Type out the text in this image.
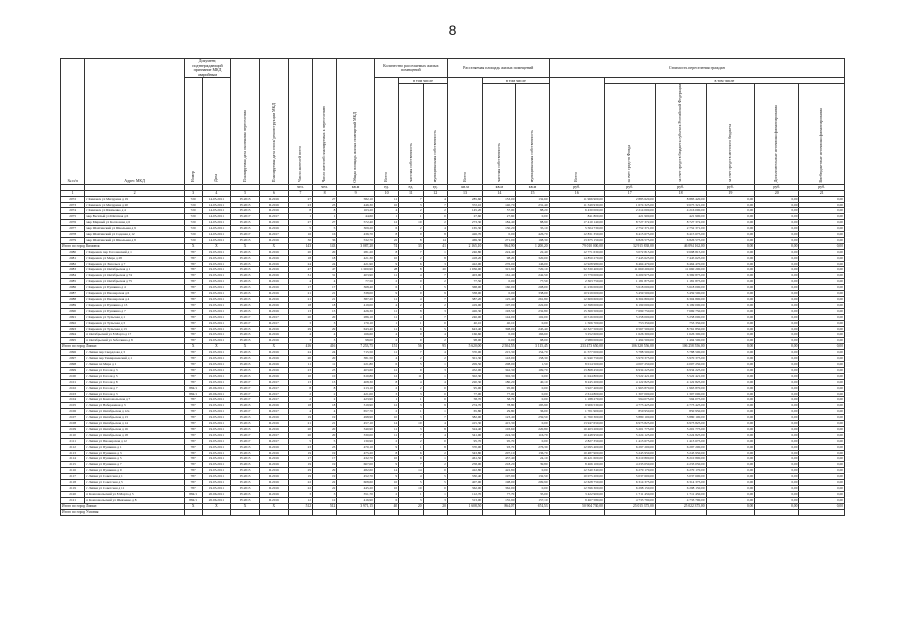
8
№ п/п	Адрес МКД	Документ, подтверждающий признание МКД аварийным		Планируемая дата окончания переселения	Планируемая дата сноса/ реконструкции МКД	Число жителей всего	Число жителей планируемых к переселению	Общая площадь жилых помещений МКД	Количество расселяемых жилых помещений			Расселяемая площадь жилых помещений			Стоимость переселения граждан					
		Номер	Дата						Всего	в том числе		Всего	в том числе		Всего	в том числе				
										частная собственность	муниципальная собственность		частная собственность	муниципальная собственность		за счет средств Фонда	за счет средств бюджета субъекта Российской Федерации	за счет средств местного бюджета	Дополнительные источники финансирования	Внебюджетные источники финансирования
						чел.	чел.	кв.м	ед.	ед.	ед.	кв.м	кв.м	кв.м	руб.	руб.	руб.	руб.	руб.	руб.
1	2	3	4	5	6	7	8	9	10	11	12	13	14	15	16	17	18	19	20	21
2072	г Кимовск ул Мичурина д 19	720	14.05.2011	IV.2015	II.2016	27	27	582,10	11	7	4	285,60	153,00	132,60	11 966 900,00	2 883 620,00	8 883 420,00	0,00	0,00	0,00
2073	г Кимовск ул Мичурина д 20	720	14.05.2011	IV.2015	II.2016	23	23	446,30	10	3	7	372,10	140,70	231,40	11 349 930,00	1 674 325,00	9 675 321,00	0,00	0,00	0,00
2074	г Кимовск ул Шевченко д 4	720	14.05.2011	IV.2015	II.2016	8	8	163,20	4	2	2	145,20	57,00	88,20	6 430 000,00	2 214 000,00	4 216 000,00	0,00	0,00	0,00
2075	мкр Весёлый ул Шахтная д 6	720	14.05.2011	IV.2017	II.2017	1	1	44,60	1	1	0	27,60	27,60	0,00	841 800,00	421 900,00	421 900,00	0,00	0,00	0,00
2076	мкр Мирный ул Колхозная д 6	720	14.05.2011	IV.2015	II.2016	27	27	572,40	12	10	2	273,30	184,40	88,90	17 410 140,00	8 727 372,00	8 727 372,00	0,00	0,00	0,00
2077	мкр Шахтинский ул Школьная д 9	720	14.05.2011	IV.2015	II.2016	5	5	309,20	6	2	4	165,30	130,20	35,10	5 504 730,00	2 752 371,00	2 752 371,00	0,00	0,00	0,00
2078	мкр Шахтинский ул Садовая д 12	720	14.05.2011	IV.2017	II.2017	16	16	436,70	8	0	8	426,70	0,00	426,70	12 831 350,00	6 415 675,00	6 415 675,00	0,00	0,00	0,00
2079	мкр Шахтинский ул Школьная д 8	720	14.05.2011	IV.2015	II.2016	36	36	532,70	22	8	14	469,30	271,00	198,30	13 675 150,00	6 826 575,00	6 826 575,00	0,00	0,00	0,00
Итого по город Кимовск:		X	X	X	X	143	143	3 087,20	74	33	41	2 165,10	964,90	1 200,20	79 010 000,00	32 915 838,00	46 094 162,00	0,00	0,00	0,00
2080	г Киреевск пер Гоголевский д 1	787	19.05.2011	IV.2015	II.2016	20	20	281,20	8	7	1	246,80	224,40	22,40	12 771 630,00	3 072 815,00	9 698 815,00	0,00	0,00	0,00
2081	г Киреевск ул Мира д 28	787	19.05.2011	IV.2015	II.2016	18	18	421,30	10	2	8	418,20	98,20	320,00	14 850 270,00	7 445 625,00	7 445 625,00	0,00	0,00	0,00
2082	г Киреевск ул Энгельса д 7	787	19.05.2011	IV.2015	II.2016	24	24	421,90	9	6	3	422,00	276,00	146,00	12 928 980,00	6 464 470,00	6 464 470,00	0,00	0,00	0,00
2083	г Киреевск ул Октябрьская д 1	787	19.05.2011	IV.2015	II.2016	47	47	1 000,90	28	8	20	1 036,00	315,90	720,10	32 330 400,00	11 660 200,00	11 660 200,00	0,00	0,00	0,00
2084	г Киреевск ул Октябрьская д 74	787	19.05.2011	IV.2015	II.2016	31	31	403,90	11	4	7	403,90	161,40	242,50	13 779 000,00	6 209 975,00	6 369 875,00	0,00	0,00	0,00
2085	г Киреевск ул Октябрьская д 75	787	19.05.2011	IV.2015	II.2016	4	4	77,50	2	0	2	77,50	0,00	77,50	2 363 750,00	1 181 875,00	1 181 875,00	0,00	0,00	0,00
2086	г Киреевск ул Пушкина д 4	787	19.05.2011	IV.2015	II.2016	17	17	368,40	6	1	5	368,00	160,00	208,00	11 236 000,00	5 618 000,00	5 618 000,00	0,00	0,00	0,00
2087	г Киреевск ул Пионерская д 6	787	19.05.2011	IV.2015	II.2016	21	21	338,00	9	0	9	338,00	0,00	338,00	10 919 000,00	5 459 500,00	5 459 500,00	0,00	0,00	0,00
2088	г Киреевск ул Пионерская д 4	787	19.05.2011	IV.2015	II.2016	21	21	387,20	11	4	7	387,20	125,40	261,80	12 609 600,00	6 304 800,00	6 304 800,00	0,00	0,00	0,00
2089	г Киреевск ул Пушкина д 13	787	19.05.2011	IV.2015	II.2016	18	18	419,00	4	2	2	419,00	197,00	222,00	12 398 000,00	6 199 000,00	6 199 000,00	0,00	0,00	0,00
2090	г Киреевск ул Пушкина д 7	787	19.05.2011	IV.2015	II.2016	13	13	426,30	11	8	3	426,30	193,50	232,80	15 369 500,00	7 699 750,00	7 669 750,00	0,00	0,00	0,00
2091	г Киреевск ул Тульская д 1	787	19.05.2011	IV.2017	II.2017	20	20	286,10	11	4	7	246,00	144,00	102,00	10 516 000,00	5 258 000,00	5 258 000,00	0,00	0,00	0,00
2092	г Киреевск ул Тульская д 3	787	19.05.2011	IV.2017	II.2017	3	3	170,10	1	1	0	40,10	40,10	0,00	1 506 700,00	753 350,00	753 350,00	0,00	0,00	0,00
2093	г Киреевск ул Тульская д 13	787	19.05.2011	IV.2015	II.2016	29	29	643,40	11	6	5	643,40	398,00	245,40	22 327 500,00	9 567 500,00	8 761 850,00	0,00	0,00	0,00
2094	п Октябрьский ул 8 Марта д 17	787	19.05.2011	IV.2015	II.2016	4	4	166,60	4	0	4	166,60	0,00	166,60	3 252 600,00	1 626 300,00	1 626 300,00	0,00	0,00	0,00
2095	п Октябрьский ул Заботкина д 8	787	19.05.2011	IV.2015	II.2016	3	3	98,00	2	0	2	98,00	0,00	98,00	2 989 000,00	1 494 500,00	1 494 500,00	0,00	0,00	0,00
Итого по город Липки:		X	X	X	X	416	416	7 253,75	151	56	95	5 620,00	2 504,55	3 115,45	233 473 650,00	106 328 556,00	106 258 556,00	0,00	0,00	0,00
2096	г Липки пер Свердлова д 3	787	19.05.2011	IV.2015	II.2016	24	24	715,50	11	7	4	370,00	215,30	154,70	11 577 000,00	5 788 500,00	5 788 500,00	0,00	0,00	0,00
2097	г Липки пер Тимирязевский д 1	787	19.05.2011	IV.2015	II.2016	20	20	381,50	4	2	2	301,30	143,00	158,30	11 940 750,00	5 970 375,00	5 970 375,00	0,00	0,00	0,00
2098	г Липки пл Мира д 1	787	19.05.2011	IV.2015	II.2016	11	11	221,80	6	5	1	209,50	208,00	1,50	8 014 500,00	4 007 250,00	4 007 250,00	0,00	0,00	0,00
2099	г Липки ул Гоголя д 3	787	19.05.2011	IV.2015	II.2016	23	23	403,60	12	9	3	452,00	342,30	109,70	13 868 450,00	6 934 225,00	6 934 225,00	0,00	0,00	0,00
2100	г Липки ул Гоголя д 5	787	19.05.2011	IV.2015	II.2016	10	10	610,80	12	11	1	302,30	302,30	0,00	11 044 800,00	5 522 421,00	5 522 421,00	0,00	0,00	0,00
2101	г Липки ул Гоголя д 8	787	19.05.2011	IV.2017	II.2017	13	13	408,30	8	4	4	220,30	180,20	40,10	8 245 200,00	4 122 825,00	4 122 825,00	0,00	0,00	0,00
2102	г Липки ул Гоголя д 7	884/1	20.06.2011	IV.2017	II.2017	8	8	213,10	2	2	0	95,00	95,00	0,00	3 927 400,00	1 963 870,00	1 963 870,00	0,00	0,00	0,00
2103	г Липки ул Гоголя д 3	884/1	20.06.2011	IV.2017	II.2017	2	2	421,00	3	3	0	77,00	77,00	0,00	2 614 800,00	1 307 000,00	1 307 000,00	0,00	0,00	0,00
2104	г Липки ул Комсомольская д 7	787	19.05.2011	IV.2017	II.2017	2	2	423,90	1	1	0	58,70	58,70	0,00	1 188 270,00	594 075,00	594 075,00	0,00	0,00	0,00
2105	г Липки ул Набережная д 3	787	19.05.2011	IV.2015	II.2016	18	18	319,90	12	3	9	274,70	78,80	195,90	9 906 530,00	4 773 425,00	4 773 425,00	0,00	0,00	0,00
2106	г Липки ул Октябрьская д 12а	787	19.05.2011	IV.2017	II.2017	4	4	657,70	2	1	1	65,80	29,80	36,00	1 701 900,00	850 950,00	850 950,00	0,00	0,00	0,00
2107	г Липки ул Октябрьская д 13	787	19.05.2011	IV.2015	II.2016	19	19	498,90	10	3	7	382,90	123,40	259,50	11 760 300,00	5 880 100,00	5 880 100,00	0,00	0,00	0,00
2108	г Липки ул Октябрьская д 14	787	19.05.2011	IV.2015	II.2016	21	21	457,10	14	10	4	415,30	415,30	0,00	13 947 650,00	6 973 825,00	6 973 825,00	0,00	0,00	0,00
2109	г Липки ул Октябрьская д 16	787	19.05.2011	IV.2015	II.2016	20	20	340,90	11	3	8	324,40	103,60	220,80	10 403 200,00	5 201 775,00	5 201 775,00	0,00	0,00	0,00
2110	г Липки ул Октябрьская д 18	787	19.05.2011	IV.2017	II.2017	20	20	330,00	11	7	4	341,00	224,30	116,70	10 448 950,00	5 224 125,00	5 224 825,00	0,00	0,00	0,00
2111	г Липки ул Пионерская д 12	787	19.05.2011	IV.2017	II.2017	5	5	130,90	2	2	0	95,70	95,70	0,00	2 827 350,00	1 413 675,00	1 413 675,00	0,00	0,00	0,00
2112	г Липки ул Пушкина д 1	787	19.05.2011	IV.2015	II.2016	23	23	470,10	9	1	8	370,00	93,70	276,30	12 095 400,00	6 297 200,00	6 297 200,00	0,00	0,00	0,00
2113	г Липки ул Пушкина д 3	787	19.05.2011	IV.2015	II.2016	19	19	475,20	8	6	2	343,80	207,10	136,70	10 487 900,00	5 243 950,00	5 243 950,00	0,00	0,00	0,00
2114	г Липки ул Пушкина д 5	787	19.05.2011	IV.2015	II.2016	17	17	432,70	10	9	1	461,50	437,40	24,10	16 421 600,00	8 210 800,00	8 210 800,00	0,00	0,00	0,00
2115	г Липки ул Пушкина д 7	787	19.05.2011	IV.2015	II.2016	19	19	667,00	9	7	2	258,00	218,20	39,80	8 466 100,00	4 233 050,00	4 233 050,00	0,00	0,00	0,00
2116	г Липки ул Пушкина д 9	787	19.05.2011	IV.2015	II.2016	29	29	482,60	14	14	0	422,80	422,80	0,00	12 540 340,00	6 270 170,00	6 270 170,00	0,00	0,00	0,00
2117	г Липки ул Советская д 1	787	19.05.2011	IV.2015	II.2016	19	19	452,70	9	4	5	330,40	197,90	132,50	10 075 200,00	5 037 600,00	5 037 600,00	0,00	0,00	0,00
2118	г Липки ул Советская д 5	787	19.05.2011	IV.2015	II.2016	22	22	608,60	10	5	5	407,90	198,00	209,90	12 628 750,00	6 314 375,00	6 314 375,00	0,00	0,00	0,00
2119	г Липки ул Советская д 11	787	19.05.2011	IV.2015	II.2016	22	22	445,20	10	10	0	362,00	362,00	0,00	12 596 300,00	6 298 150,00	6 298 150,00	0,00	0,00	0,00
2120	п Комсомольский ул 8 Марта д 5	884/1	20.06.2011	IV.2015	II.2016	3	3	351,70	2	1	1	112,70	77,70	35,00	3 422 900,00	1 711 450,00	1 711 450,00	0,00	0,00	0,00
2121	п Комсомольский ул Шевченко д 8	884/1	20.06.2011	IV.2015	II.2016	12	12	416,90	6	3	3	313,00	155,90	157,10	9 467 580,00	4 733 790,00	4 733 790,00	0,00	0,00	0,00
Итого по город Липки:		X	X	X	X	512	512	3 971,15	40	20	20	1 608,50	864,07	674,53	50 904 730,00	25 015 375,00	25 022 375,00	0,00	0,00	0,00
Итого по город Узловая:																				
